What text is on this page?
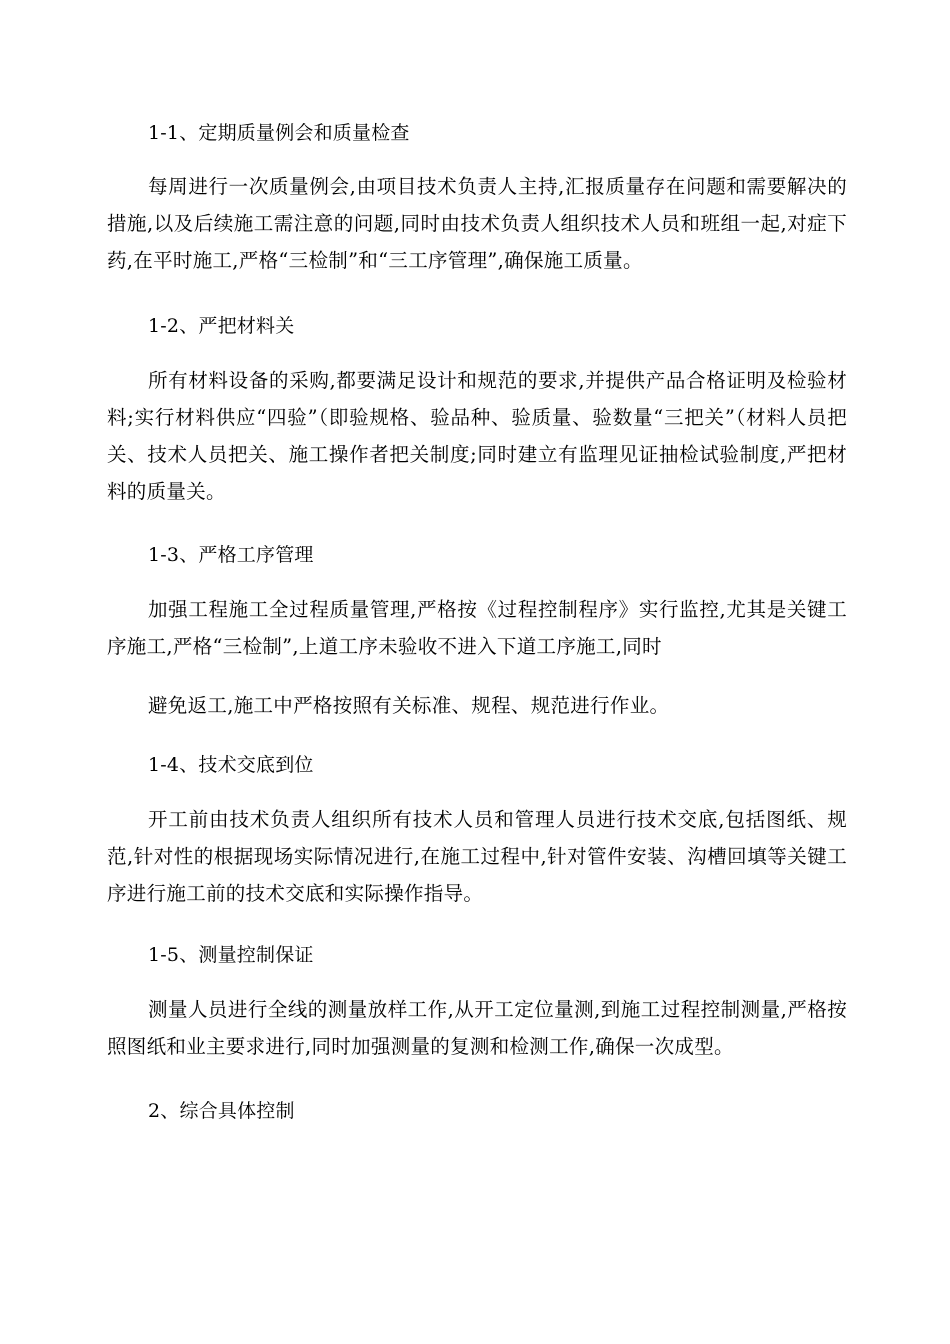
1-1、定期质量例会和质量检查
每周进行一次质量例会,由项目技术负责人主持,汇报质量存在问题和需要解决的措施,以及后续施工需注意的问题,同时由技术负责人组织技术人员和班组一起,对症下药,在平时施工,严格“三检制”和“三工序管理”,确保施工质量。
1-2、严把材料关
所有材料设备的采购,都要满足设计和规范的要求,并提供产品合格证明及检验材料;实行材料供应“四验”（即验规格、验品种、验质量、验数量“三把关”（材料人员把关、技术人员把关、施工操作者把关制度;同时建立有监理见证抽检试验制度,严把材料的质量关。
1-3、严格工序管理
加强工程施工全过程质量管理,严格按《过程控制程序》实行监控,尤其是关键工序施工,严格“三检制”,上道工序未验收不进入下道工序施工,同时
避免返工,施工中严格按照有关标准、规程、规范进行作业。
1-4、技术交底到位
开工前由技术负责人组织所有技术人员和管理人员进行技术交底,包括图纸、规范,针对性的根据现场实际情况进行,在施工过程中,针对管件安装、沟槽回填等关键工序进行施工前的技术交底和实际操作指导。
1-5、测量控制保证
测量人员进行全线的测量放样工作,从开工定位量测,到施工过程控制测量,严格按照图纸和业主要求进行,同时加强测量的复测和检测工作,确保一次成型。
2、综合具体控制
